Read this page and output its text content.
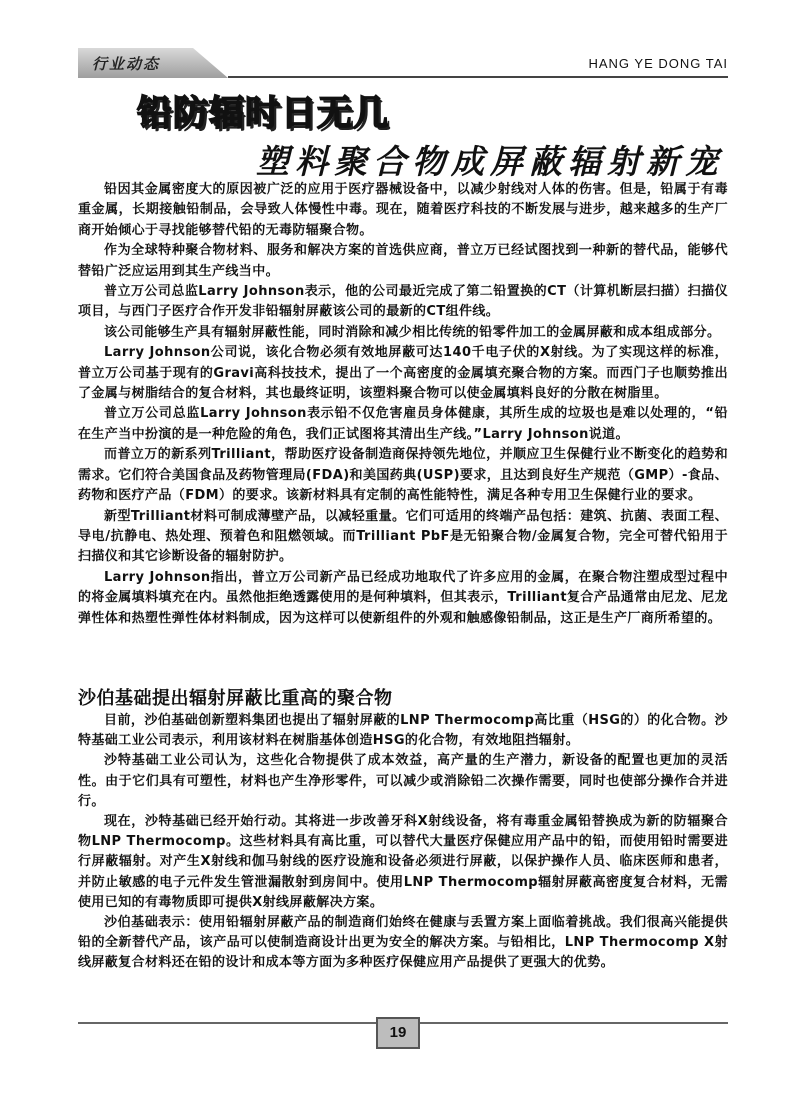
行业动态	HANG YE DONG TAI
铅防辐时日无几
塑料聚合物成屏蔽辐射新宠

铅因其金属密度大的原因被广泛的应用于医疗器械设备中，以减少射线对人体的伤害。但是，铅属于有毒重金属，长期接触铅制品，会导致人体慢性中毒。现在，随着医疗科技的不断发展与进步，越来越多的生产厂商开始倾心于寻找能够替代铅的无毒防辐聚合物。

作为全球特种聚合物材料、服务和解决方案的首选供应商，普立万已经试图找到一种新的替代品，能够代替铅广泛应运用到其生产线当中。

普立万公司总监Larry Johnson表示，他的公司最近完成了第二铅置换的CT（计算机断层扫描）扫描仪项目，与西门子医疗合作开发非铅辐射屏蔽该公司的最新的CT组件线。

该公司能够生产具有辐射屏蔽性能，同时消除和减少相比传统的铅零件加工的金属屏蔽和成本组成部分。

Larry Johnson公司说，该化合物必须有效地屏蔽可达140千电子伏的X射线。为了实现这样的标准，普立万公司基于现有的Gravi高科技技术，提出了一个高密度的金属填充聚合物的方案。而西门子也顺势推出了金属与树脂结合的复合材料，其也最终证明，该塑料聚合物可以使金属填料良好的分散在树脂里。

普立万公司总监Larry Johnson表示铅不仅危害雇员身体健康，其所生成的垃圾也是难以处理的，“铅在生产当中扮演的是一种危险的角色，我们正试图将其清出生产线。”Larry Johnson说道。

而普立万的新系列Trilliant，帮助医疗设备制造商保持领先地位，并顺应卫生保健行业不断变化的趋势和需求。它们符合美国食品及药物管理局(FDA)和美国药典(USP)要求，且达到良好生产规范（GMP）-食品、药物和医疗产品（FDM）的要求。该新材料具有定制的高性能特性，满足各种专用卫生保健行业的要求。

新型Trilliant材料可制成薄壁产品，以减轻重量。它们可适用的终端产品包括：建筑、抗菌、表面工程、导电/抗静电、热处理、预着色和阻燃领域。而Trilliant PbF是无铅聚合物/金属复合物，完全可替代铅用于扫描仪和其它诊断设备的辐射防护。

Larry Johnson指出，普立万公司新产品已经成功地取代了许多应用的金属，在聚合物注塑成型过程中的将金属填料填充在内。虽然他拒绝透露使用的是何种填料，但其表示，Trilliant复合产品通常由尼龙、尼龙弹性体和热塑性弹性体材料制成，因为这样可以使新组件的外观和触感像铅制品，这正是生产厂商所希望的。

沙伯基础提出辐射屏蔽比重高的聚合物

目前，沙伯基础创新塑料集团也提出了辐射屏蔽的LNP Thermocomp高比重（HSG的）的化合物。沙特基础工业公司表示，利用该材料在树脂基体创造HSG的化合物，有效地阻挡辐射。

沙特基础工业公司认为，这些化合物提供了成本效益，高产量的生产潜力，新设备的配置也更加的灵活性。由于它们具有可塑性，材料也产生净形零件，可以减少或消除铅二次操作需要，同时也使部分操作合并进行。

现在，沙特基础已经开始行动。其将进一步改善牙科X射线设备，将有毒重金属铅替换成为新的防辐聚合物LNP Thermocomp。这些材料具有高比重，可以替代大量医疗保健应用产品中的铅，而使用铅时需要进行屏蔽辐射。对产生X射线和伽马射线的医疗设施和设备必须进行屏蔽，以保护操作人员、临床医师和患者，并防止敏感的电子元件发生管泄漏散射到房间中。使用LNP Thermocomp辐射屏蔽高密度复合材料，无需使用已知的有毒物质即可提供X射线屏蔽解决方案。

沙伯基础表示：使用铅辐射屏蔽产品的制造商们始终在健康与丢置方案上面临着挑战。我们很高兴能提供铅的全新替代产品，该产品可以使制造商设计出更为安全的解决方案。与铅相比，LNP Thermocomp X射线屏蔽复合材料还在铅的设计和成本等方面为多种医疗保健应用产品提供了更强大的优势。

19
